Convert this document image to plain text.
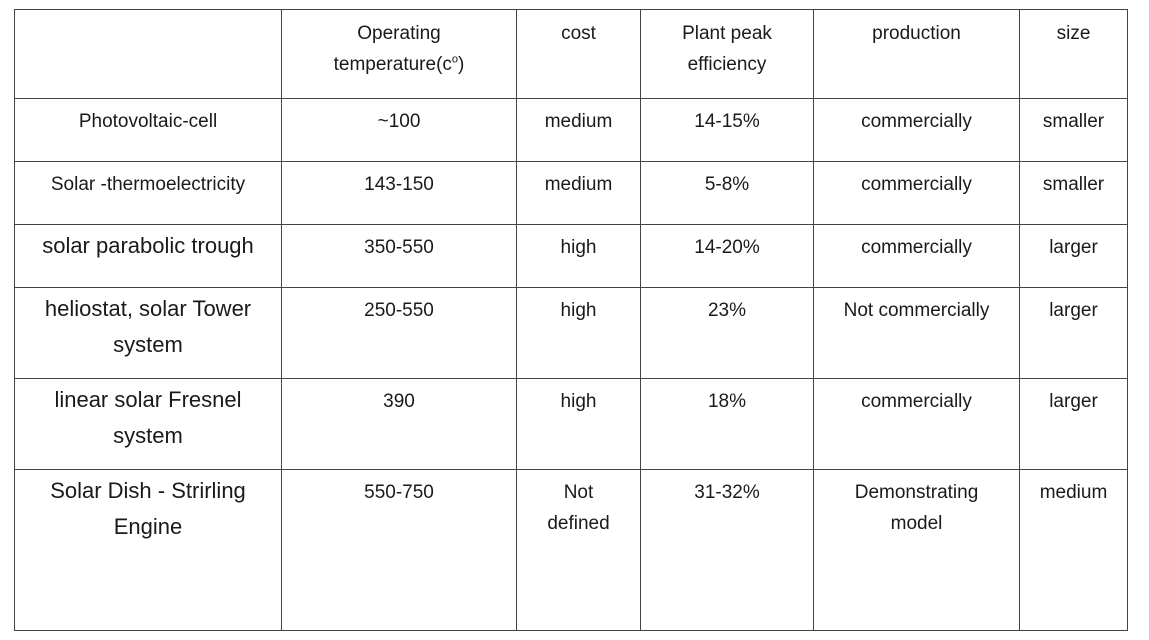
	Operating $temperature(c^o)$	cost	Plant peak efficiency	production	size
Photovoltaic-cell	~100	medium	14-15%	commercially	smaller
Solar -thermoelectricity	143-150	medium	5-8%	commercially	smaller
solar parabolic trough	350-550	high	14-20%	commercially	larger
heliostat, solar Tower system	250-550	high	23%	Not commercially	larger
linear solar Fresnel system	390	high	18%	commercially	larger
Solar Dish - Strirling Engine	550-750	Not defined	31-32%	Demonstrating model	medium
